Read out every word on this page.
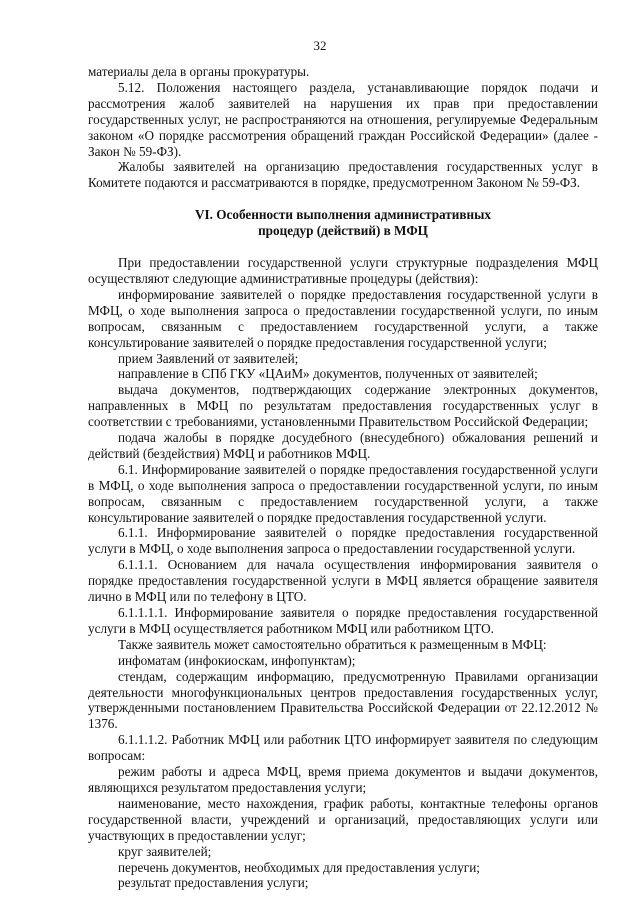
32

материалы дела в органы прокуратуры.

5.12. Положения настоящего раздела, устанавливающие порядок подачи и рассмотрения жалоб заявителей на нарушения их прав при предоставлении государственных услуг, не распространяются на отношения, регулируемые Федеральным законом «О порядке рассмотрения обращений граждан Российской Федерации» (далее - Закон № 59-ФЗ).

Жалобы заявителей на организацию предоставления государственных услуг в Комитете подаются и рассматриваются в порядке, предусмотренном Законом № 59-ФЗ.

VI. Особенности выполнения административных
процедур (действий) в МФЦ

При предоставлении государственной услуги структурные подразделения МФЦ осуществляют следующие административные процедуры (действия):

информирование заявителей о порядке предоставления государственной услуги в МФЦ, о ходе выполнения запроса о предоставлении государственной услуги, по иным вопросам, связанным с предоставлением государственной услуги, а также консультирование заявителей о порядке предоставления государственной услуги;

прием Заявлений от заявителей;

направление в СПб ГКУ «ЦАиМ» документов, полученных от заявителей;

выдача документов, подтверждающих содержание электронных документов, направленных в МФЦ по результатам предоставления государственных услуг в соответствии с требованиями, установленными Правительством Российской Федерации;

подача жалобы в порядке досудебного (внесудебного) обжалования решений и действий (бездействия) МФЦ и работников МФЦ.

6.1. Информирование заявителей о порядке предоставления государственной услуги в МФЦ, о ходе выполнения запроса о предоставлении государственной услуги, по иным вопросам, связанным с предоставлением государственной услуги, а также консультирование заявителей о порядке предоставления государственной услуги.

6.1.1. Информирование заявителей о порядке предоставления государственной услуги в МФЦ, о ходе выполнения запроса о предоставлении государственной услуги.

6.1.1.1. Основанием для начала осуществления информирования заявителя о порядке предоставления государственной услуги в МФЦ является обращение заявителя лично в МФЦ или по телефону в ЦТО.

6.1.1.1.1. Информирование заявителя о порядке предоставления государственной услуги в МФЦ осуществляется работником МФЦ или работником ЦТО.

Также заявитель может самостоятельно обратиться к размещенным в МФЦ:

инфоматам (инфокиоскам, инфопунктам);

стендам, содержащим информацию, предусмотренную Правилами организации деятельности многофункциональных центров предоставления государственных услуг, утвержденными постановлением Правительства Российской Федерации от 22.12.2012 № 1376.

6.1.1.1.2. Работник МФЦ или работник ЦТО информирует заявителя по следующим вопросам:

режим работы и адреса МФЦ, время приема документов и выдачи документов, являющихся результатом предоставления услуги;

наименование, место нахождения, график работы, контактные телефоны органов государственной власти, учреждений и организаций, предоставляющих услуги или участвующих в предоставлении услуг;

круг заявителей;

перечень документов, необходимых для предоставления услуги;

результат предоставления услуги;
